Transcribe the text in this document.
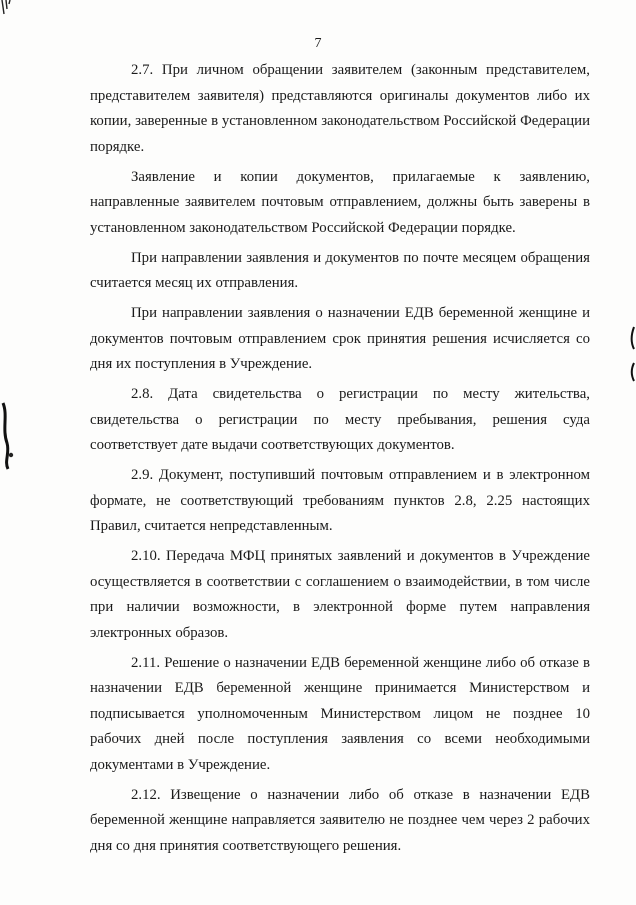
7

2.7. При личном обращении заявителем (законным представителем, представителем заявителя) представляются оригиналы документов либо их копии, заверенные в установленном законодательством Российской Федерации порядке.

Заявление и копии документов, прилагаемые к заявлению, направленные заявителем почтовым отправлением, должны быть заверены в установленном законодательством Российской Федерации порядке.

При направлении заявления и документов по почте месяцем обращения считается месяц их отправления.

При направлении заявления о назначении ЕДВ беременной женщине и документов почтовым отправлением срок принятия решения исчисляется со дня их поступления в Учреждение.

2.8. Дата свидетельства о регистрации по месту жительства, свидетельства о регистрации по месту пребывания, решения суда соответствует дате выдачи соответствующих документов.

2.9. Документ, поступивший почтовым отправлением и в электронном формате, не соответствующий требованиям пунктов 2.8, 2.25 настоящих Правил, считается непредставленным.

2.10. Передача МФЦ принятых заявлений и документов в Учреждение осуществляется в соответствии с соглашением о взаимодействии, в том числе при наличии возможности, в электронной форме путем направления электронных образов.

2.11. Решение о назначении ЕДВ беременной женщине либо об отказе в назначении ЕДВ беременной женщине принимается Министерством и подписывается уполномоченным Министерством лицом не позднее 10 рабочих дней после поступления заявления со всеми необходимыми документами в Учреждение.

2.12. Извещение о назначении либо об отказе в назначении ЕДВ беременной женщине направляется заявителю не позднее чем через 2 рабочих дня со дня принятия соответствующего решения.
